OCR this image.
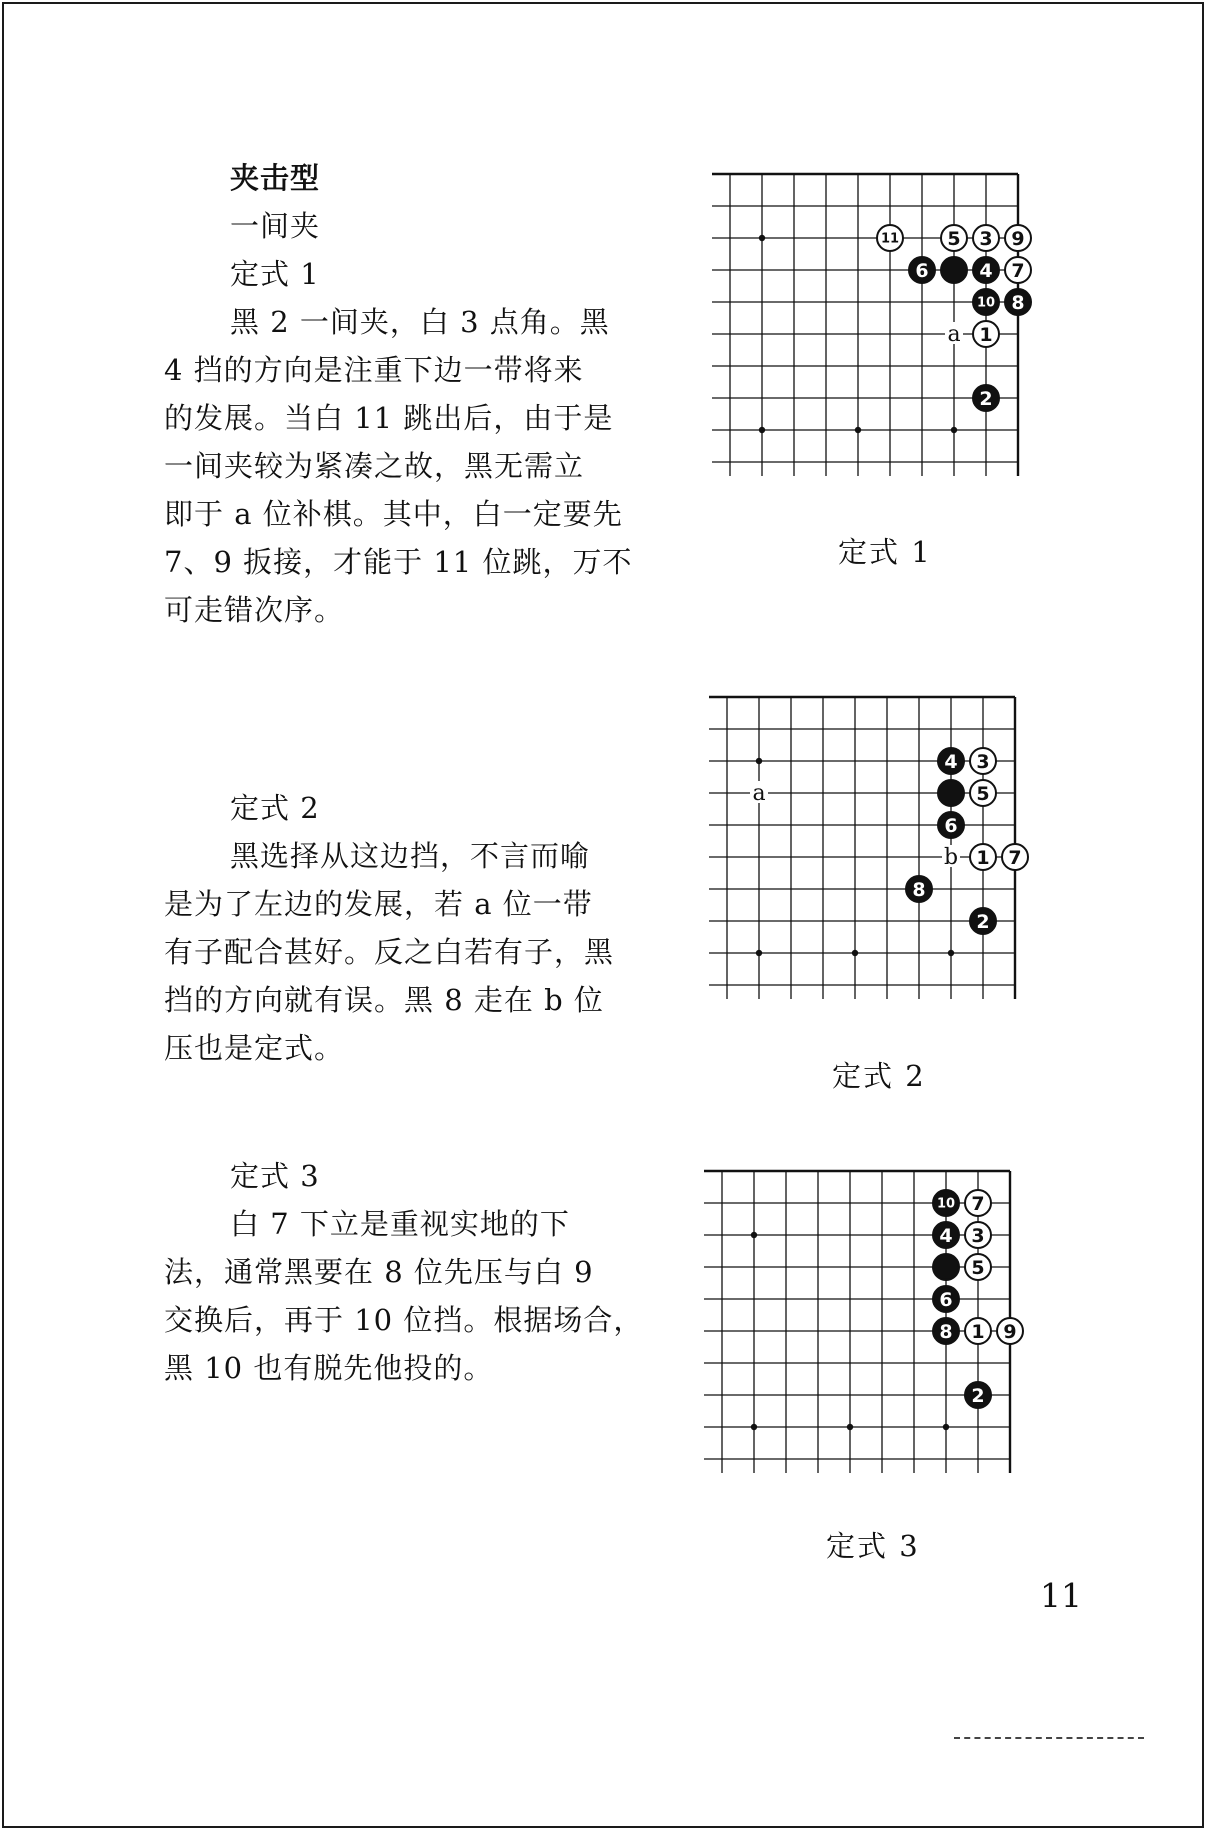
夹击型
一间夹
定式 1
黑 2 一间夹，白 3 点角。黑
4 挡的方向是注重下边一带将来
的发展。当白 11 跳出后，由于是
一间夹较为紧凑之故，黑无需立
即于 a 位补棋。其中，白一定要先
7、9 扳接，才能于 11 位跳，万不
可走错次序。
定式 2
黑选择从这边挡，不言而喻
是为了左边的发展，若 a 位一带
有子配合甚好。反之白若有子，黑
挡的方向就有误。黑 8 走在 b 位
压也是定式。
定式 3
白 7 下立是重视实地的下
法，通常黑要在 8 位先压与白 9
交换后，再于 10 位挡。根据场合，
黑 10 也有脱先他投的。
a
11	5 3 9
6	4 7
10 8
1
2
定式 1
a
b
4 3
5
6
1 7
8
2
定式 2
10 7
4 3
5
6
8 1 9
2
定式 3
11
